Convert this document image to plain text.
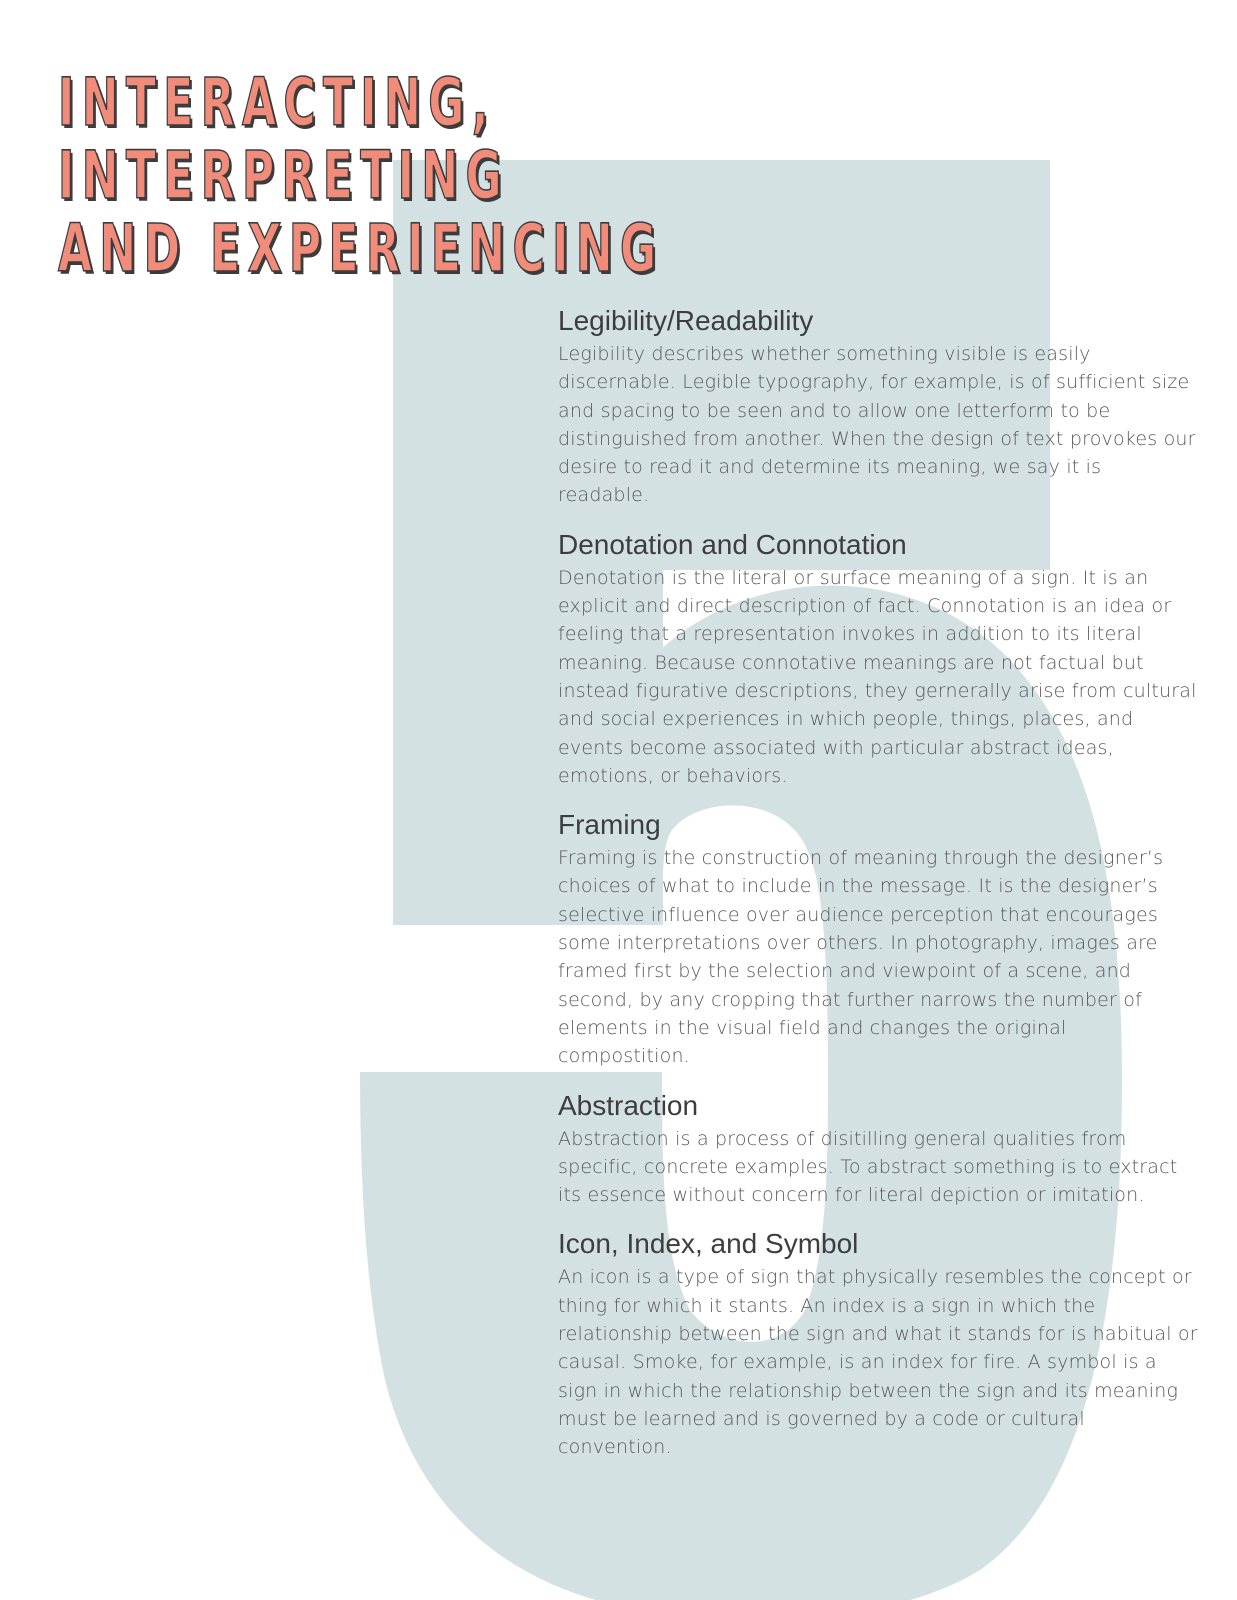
INTERACTING,
INTERPRETING
AND EXPERIENCING
Legibility/Readability

Legibility describes whether something visible is easily discernable. Legible typography, for example, is of sufficient size and spacing to be seen and to allow one letterform to be distinguished from another. When the design of text provokes our desire to read it and determine its meaning, we say it is readable.

Denotation and Connotation

Denotation is the literal or surface meaning of a sign. It is an explicit and direct description of fact. Connotation is an idea or feeling that a representation invokes in addition to its literal meaning. Because connotative meanings are not factual but instead figurative descriptions, they gernerally arise from cultural and social experiences in which people, things, places, and events become associated with particular abstract ideas, emotions, or behaviors.

Framing

Framing is the construction of meaning through the designer’s choices of what to include in the message. It is the designer’s selective influence over audience perception that encourages some interpretations over others. In photography, images are framed first by the selection and viewpoint of a scene, and second, by any cropping that further narrows the number of elements in the visual field and changes the original compostition.

Abstraction

Abstraction is a process of disitilling general qualities from specific, concrete examples. To abstract something is to extract its essence without concern for literal depiction or imitation.

Icon, Index, and Symbol

An icon is a type of sign that physically resembles the concept or thing for which it stants. An index is a sign in which the relationship between the sign and what it stands for is habitual or causal. Smoke, for example, is an index for fire. A symbol is a sign in which the relationship between the sign and its meaning must be learned and is governed by a code or cultural convention.
